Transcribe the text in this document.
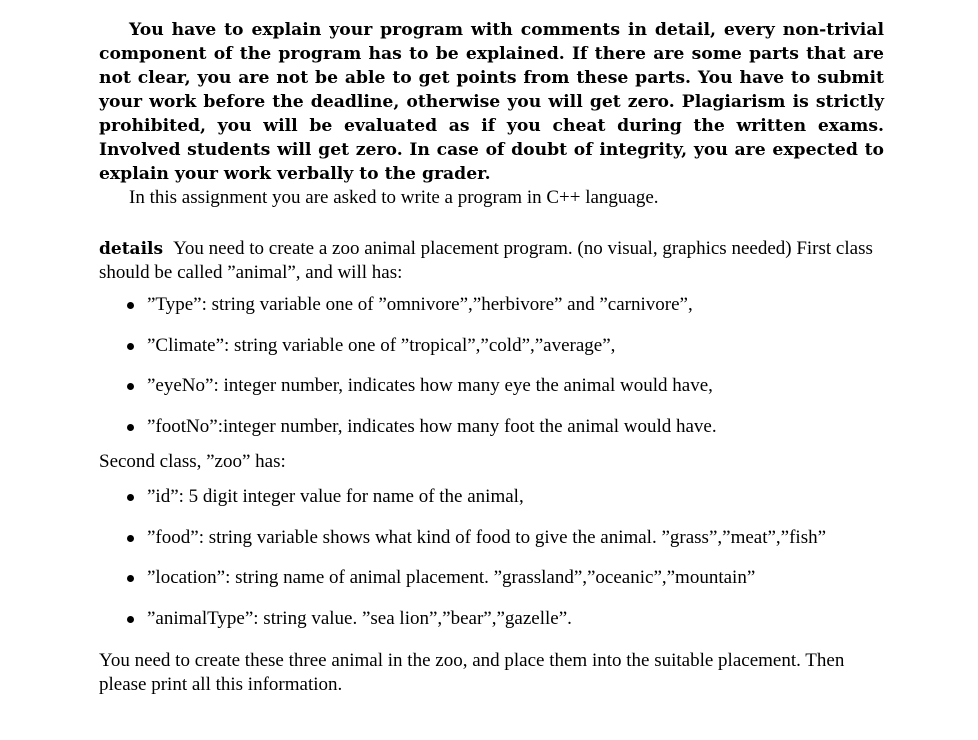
You have to explain your program with comments in detail, every non-trivial component of the program has to be explained. If there are some parts that are not clear, you are not be able to get points from these parts. You have to submit your work before the deadline, otherwise you will get zero. Plagiarism is strictly prohibited, you will be evaluated as if you cheat during the written exams. Involved students will get zero. In case of doubt of integrity, you are expected to explain your work verbally to the grader.

In this assignment you are asked to write a program in C++ language.

details You need to create a zoo animal placement program. (no visual, graphics needed) First class should be called ”animal”, and will has:

”Type”: string variable one of ”omnivore”,”herbivore” and ”carnivore”,
”Climate”: string variable one of ”tropical”,”cold”,”average”,
”eyeNo”: integer number, indicates how many eye the animal would have,
”footNo”:integer number, indicates how many foot the animal would have.

Second class, ”zoo” has:

”id”: 5 digit integer value for name of the animal,
”food”: string variable shows what kind of food to give the animal. ”grass”,”meat”,”fish”
”location”: string name of animal placement. ”grassland”,”oceanic”,”mountain”
”animalType”: string value. ”sea lion”,”bear”,”gazelle”.

You need to create these three animal in the zoo, and place them into the suitable placement. Then please print all this information.
